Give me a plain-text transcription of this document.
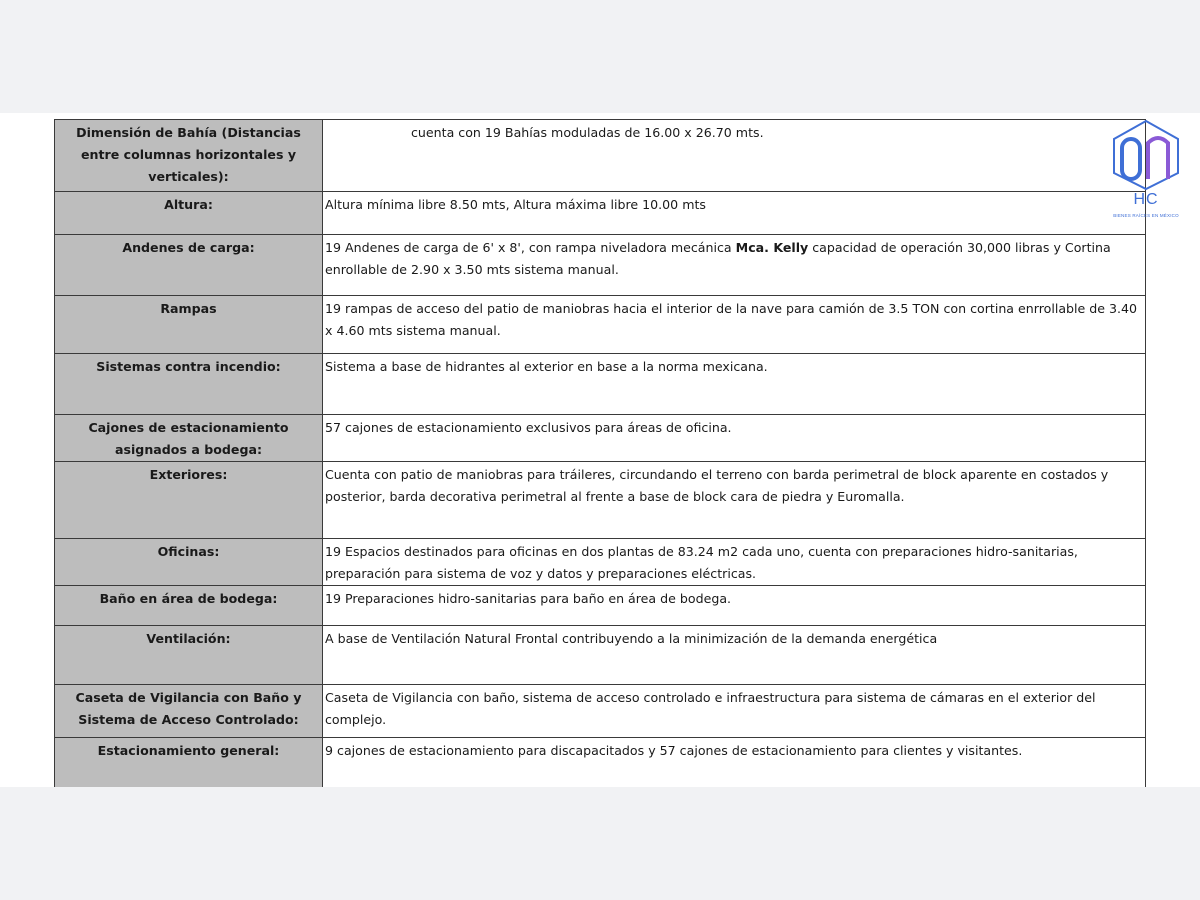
Dimensión de Bahía (Distancias entre columnas horizontales y verticales):	cuenta con 19 Bahías moduladas de 16.00 x 26.70 mts.
Altura:	Altura mínima libre 8.50 mts, Altura máxima libre 10.00 mts
Andenes de carga:	19 Andenes de carga de 6' x 8', con rampa niveladora mecánica Mca. Kelly capacidad de operación 30,000 libras y Cortina enrollable de 2.90 x 3.50 mts sistema manual.
Rampas	19 rampas de acceso del patio de maniobras hacia el interior de la nave para camión de 3.5 TON con cortina enrrollable de 3.40 x 4.60 mts sistema manual.
Sistemas contra incendio:	Sistema a base de hidrantes al exterior en base a la norma mexicana.
Cajones de estacionamiento asignados a bodega:	57 cajones de estacionamiento exclusivos para áreas de oficina.
Exteriores:	Cuenta con patio de maniobras para tráileres, circundando el terreno con barda perimetral de block aparente en costados y posterior, barda decorativa perimetral al frente a base de block cara de piedra y Euromalla.
Oficinas:	19 Espacios destinados para oficinas en dos plantas de 83.24 m2 cada uno, cuenta con preparaciones hidro-sanitarias, preparación para sistema de voz y datos y preparaciones eléctricas.
Baño en área de bodega:	19 Preparaciones hidro-sanitarias para baño en área de bodega.
Ventilación:	A base de Ventilación Natural Frontal contribuyendo a la minimización de la demanda energética
Caseta de Vigilancia con Baño y Sistema de Acceso Controlado:	Caseta de Vigilancia con baño, sistema de acceso controlado e infraestructura para sistema de cámaras en el exterior del complejo.
Estacionamiento general:	9 cajones de estacionamiento para discapacitados y 57 cajones de estacionamiento para clientes y visitantes.
HC
BIENES RAÍCES EN MÉXICO
